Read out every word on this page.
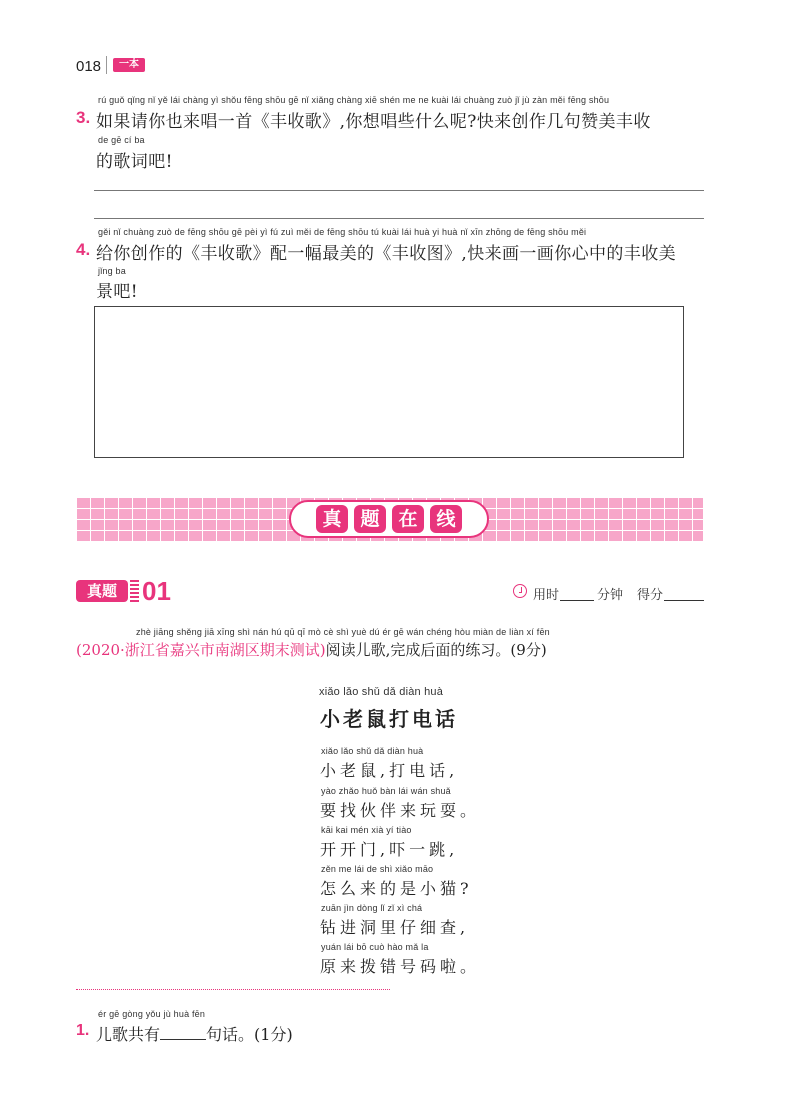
018	一本
rú guǒ qǐng nǐ yě lái chàng yì shǒu fēng shōu gē nǐ xiǎng chàng xiē shén me ne kuài lái chuàng zuò jǐ jù zàn měi fēng shōu
3. 如果请你也来唱一首《丰收歌》,你想唱些什么呢?快来创作几句赞美丰收
de gē cí ba
的歌词吧!
gěi nǐ chuàng zuò de fēng shōu gē pèi yì fú zuì měi de fēng shōu tú kuài lái huà yi huà nǐ xīn zhōng de fēng shōu měi
4. 给你创作的《丰收歌》配一幅最美的《丰收图》,快来画一画你心中的丰收美
jǐng ba
景吧!
真 题 在 线
真题 01	用时	分钟 得分
zhè jiāng shěng jiā xīng shì nán hú qū qī mò cè shì yuè dú ér gē wán chéng hòu miàn de liàn xí fēn
(2020·浙江省嘉兴市南湖区期末测试)阅读儿歌,完成后面的练习。(9分)
xiǎo lǎo shǔ dǎ diàn huà
小老鼠打电话
xiǎo lǎo shǔ dǎ diàn huà
小老鼠,打电话,
yào zhǎo huǒ bàn lái wán shuǎ
要找伙伴来玩耍。
kāi kai mén xià yí tiào
开开门,吓一跳,
zěn me lái de shì xiǎo māo
怎么来的是小猫?
zuān jìn dòng lǐ zǐ xì chá
钻进洞里仔细查,
yuán lái bō cuò hào mǎ la
原来拨错号码啦。
ér gē gòng yǒu jù huà fēn
1. 儿歌共有	句话。(1分)
